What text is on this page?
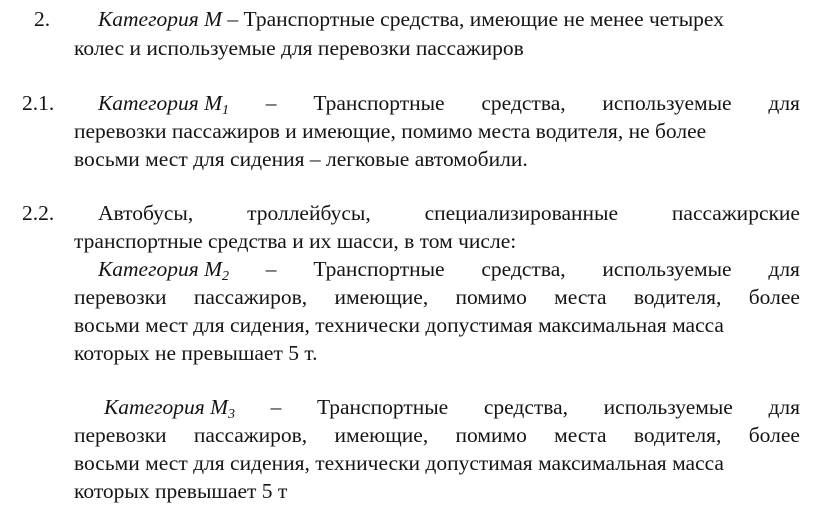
2. Категория М – Транспортные средства, имеющие не менее четырех
колес и используемые для перевозки пассажиров
2.1. Категория $М_1$ – Транспортные средства, используемые для
перевозки пассажиров и имеющие, помимо места водителя, не более
восьми мест для сидения – легковые автомобили.
2.2. Автобусы,	троллейбусы,	специализированные	пассажирские
транспортные средства и их шасси, в том числе:
Категория $М_2$ – Транспортные средства, используемые для
перевозки пассажиров, имеющие, помимо места водителя, более
восьми мест для сидения, технически допустимая максимальная масса
которых не превышает 5 т.
Категория $М_3$ – Транспортные средства, используемые для
перевозки пассажиров, имеющие, помимо места водителя, более
восьми мест для сидения, технически допустимая максимальная масса
которых превышает 5 т
